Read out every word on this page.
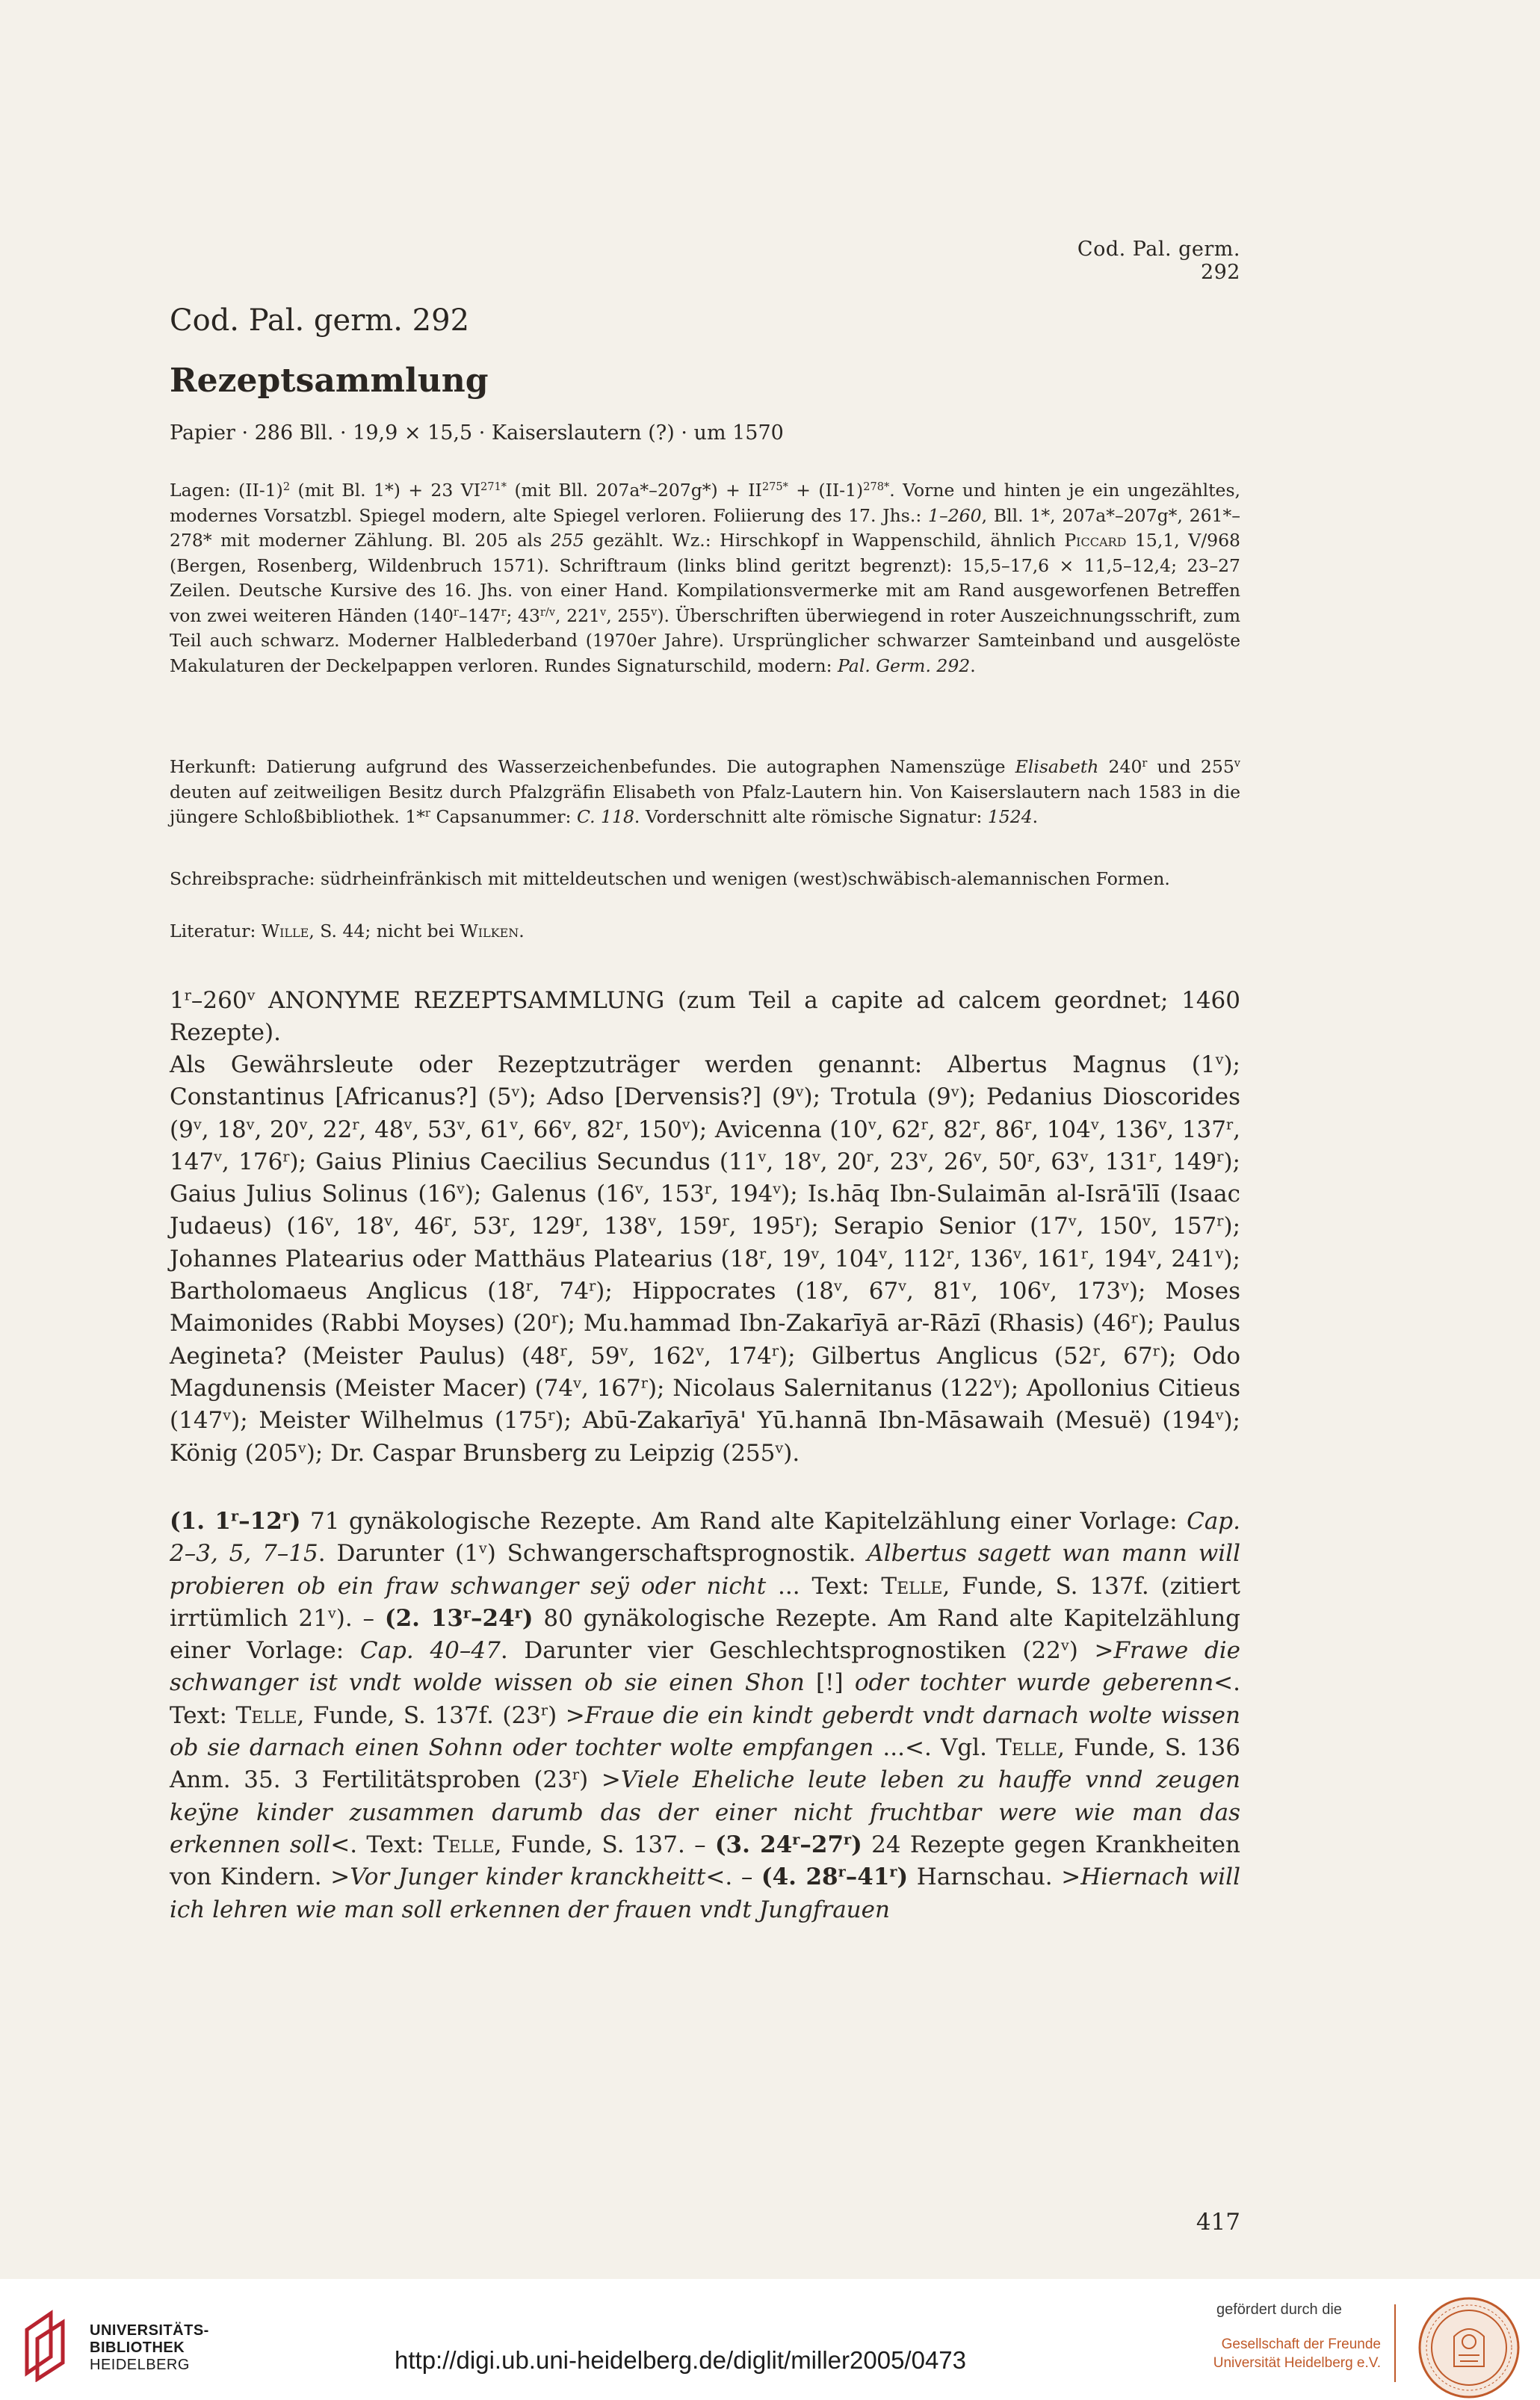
Cod. Pal. germ. 292
Cod. Pal. germ. 292
Rezeptsammlung
Papier · 286 Bll. · 19,9 × 15,5 · Kaiserslautern (?) · um 1570
Lagen: $(II-1)^2$ (mit Bl. 1*) + 23 $VI^{271*}$ (mit Bll. $207a*-207g*) + II^{275*} + (II-1)^{278*}$. Vorne und hinten je ein ungezähltes, modernes Vorsatzbl. Spiegel modern, alte Spiegel verloren. Foliierung des 17. Jhs.: 1–260, Bll. 1*, 207a*–207g*, 261*–278* mit moderner Zählung. Bl. 205 als 255 gezählt. Wz.: Hirschkopf in Wappenschild, ähnlich Piccard 15,1, V/968 (Bergen, Rosenberg, Wildenbruch 1571). Schriftraum (links blind geritzt begrenzt): 15,5–17,6 × 11,5–12,4; 23–27 Zeilen. Deutsche Kursive des 16. Jhs. von einer Hand. Kompilationsvermerke mit am Rand ausgeworfenen Betreffen von zwei weiteren Händen (140$^r$–147$^r$; $43^{r/v}$, 221$^v$, 255$^v$). Überschriften überwiegend in roter Auszeichnungsschrift, zum Teil auch schwarz. Moderner Halblederband (1970er Jahre). Ursprünglicher schwarzer Samteinband und ausgelöste Makulaturen der Deckelpappen verloren. Rundes Signaturschild, modern: Pal. Germ. 292.
Herkunft: Datierung aufgrund des Wasserzeichenbefundes. Die autographen Namenszüge Elisabeth 240$^r$ und 255$^v$ deuten auf zeitweiligen Besitz durch Pfalzgräfin Elisabeth von Pfalz-Lautern hin. Von Kaiserslautern nach 1583 in die jüngere Schloßbibliothek. 1*$^r$ Capsanummer: C. 118. Vorderschnitt alte römische Signatur: 1524.
Schreibsprache: südrheinfränkisch mit mitteldeutschen und wenigen (west)schwäbisch-alemannischen Formen.
Literatur: Wille, S. 44; nicht bei Wilken.
1$^r$–260$^v$ ANONYME REZEPTSAMMLUNG (zum Teil a capite ad calcem geordnet; 1460 Rezepte).
Als Gewährsleute oder Rezeptzuträger werden genannt: Albertus Magnus (1$^v$); Constantinus [Africanus?] (5$^v$); Adso [Dervensis?] (9$^v$); Trotula (9$^v$); Pedanius Dioscorides (9$^v$, 18$^v$, 20$^v$, 22$^r$, 48$^v$, 53$^v$, 61$^v$, 66$^v$, 82$^r$, 150$^v$); Avicenna (10$^v$, 62$^r$, 82$^r$, 86$^r$, 104$^v$, 136$^v$, 137$^r$, 147$^v$, 176$^r$); Gaius Plinius Caecilius Secundus (11$^v$, 18$^v$, 20$^r$, 23$^v$, 26$^v$, 50$^r$, 63$^v$, 131$^r$, 149$^r$); Gaius Julius Solinus (16$^v$); Galenus (16$^v$, 153$^r$, 194$^v$); Is.hāq Ibn-Sulaimān al-Isrā'īlī (Isaac Judaeus) (16$^v$, 18$^v$, 46$^r$, 53$^r$, 129$^r$, 138$^v$, 159$^r$, 195$^r$); Serapio Senior (17$^v$, 150$^v$, 157$^r$); Johannes Platearius oder Matthäus Platearius (18$^r$, 19$^v$, 104$^v$, 112$^r$, 136$^v$, 161$^r$, 194$^v$, 241$^v$); Bartholomaeus Anglicus (18$^r$, 74$^r$); Hippocrates (18$^v$, 67$^v$, 81$^v$, 106$^v$, 173$^v$); Moses Maimonides (Rabbi Moyses) (20$^r$); Mu.hammad Ibn-Zakarīyā ar-Rāzī (Rhasis) (46$^r$); Paulus Aegineta? (Meister Paulus) (48$^r$, 59$^v$, 162$^v$, 174$^r$); Gilbertus Anglicus (52$^r$, 67$^r$); Odo Magdunensis (Meister Macer) (74$^v$, 167$^r$); Nicolaus Salernitanus (122$^v$); Apollonius Citieus (147$^v$); Meister Wilhelmus (175$^r$); Abū-Zakarīyā' Yū.hannā Ibn-Māsawaih (Mesuë) (194$^v$); König (205$^v$); Dr. Caspar Brunsberg zu Leipzig (255$^v$).
(1. 1$^r$–12$^r$) 71 gynäkologische Rezepte. Am Rand alte Kapitelzählung einer Vorlage: Cap. 2–3, 5, 7–15. Darunter (1$^v$) Schwangerschaftsprognostik. Albertus sagett wan mann will probieren ob ein fraw schwanger seÿ oder nicht ... Text: Telle, Funde, S. 137f. (zitiert irrtümlich 21$^v$). – (2. 13$^r$–24$^r$) 80 gynäkologische Rezepte. Am Rand alte Kapitelzählung einer Vorlage: Cap. 40–47. Darunter vier Geschlechtsprognostiken $(22^v)$ >Frawe die schwanger ist vndt wolde wissen ob sie einen Shon [!] oder tochter wurde geberenn<. Text: Telle, Funde, S. 137f. $(23^r)$ >Fraue die ein kindt geberdt vndt darnach wolte wissen ob sie darnach einen Sohnn oder tochter wolte empfangen ...<. Vgl. Telle, Funde, S. 136 Anm. 35. 3 Fertilitätsproben $(23^r)$ >Viele Eheliche leute leben zu hauffe vnnd zeugen keÿne kinder zusammen darumb das der einer nicht fruchtbar were wie man das erkennen soll<. Text: Telle, Funde, S. 137. – (3. 24$^r$–27$^r$) 24 Rezepte gegen Krankheiten von Kindern. >Vor Junger kinder kranckheitt<. – (4. 28$^r$–41$^r$) Harnschau. >Hiernach will ich lehren wie man soll erkennen der frauen vndt Jungfrauen
417
UNIVERSITÄTS-
BIBLIOTHEK
HEIDELBERG	http://digi.ub.uni-heidelberg.de/diglit/miller2005/0473
gefördert durch die
Gesellschaft der Freunde
Universität Heidelberg e.V.
